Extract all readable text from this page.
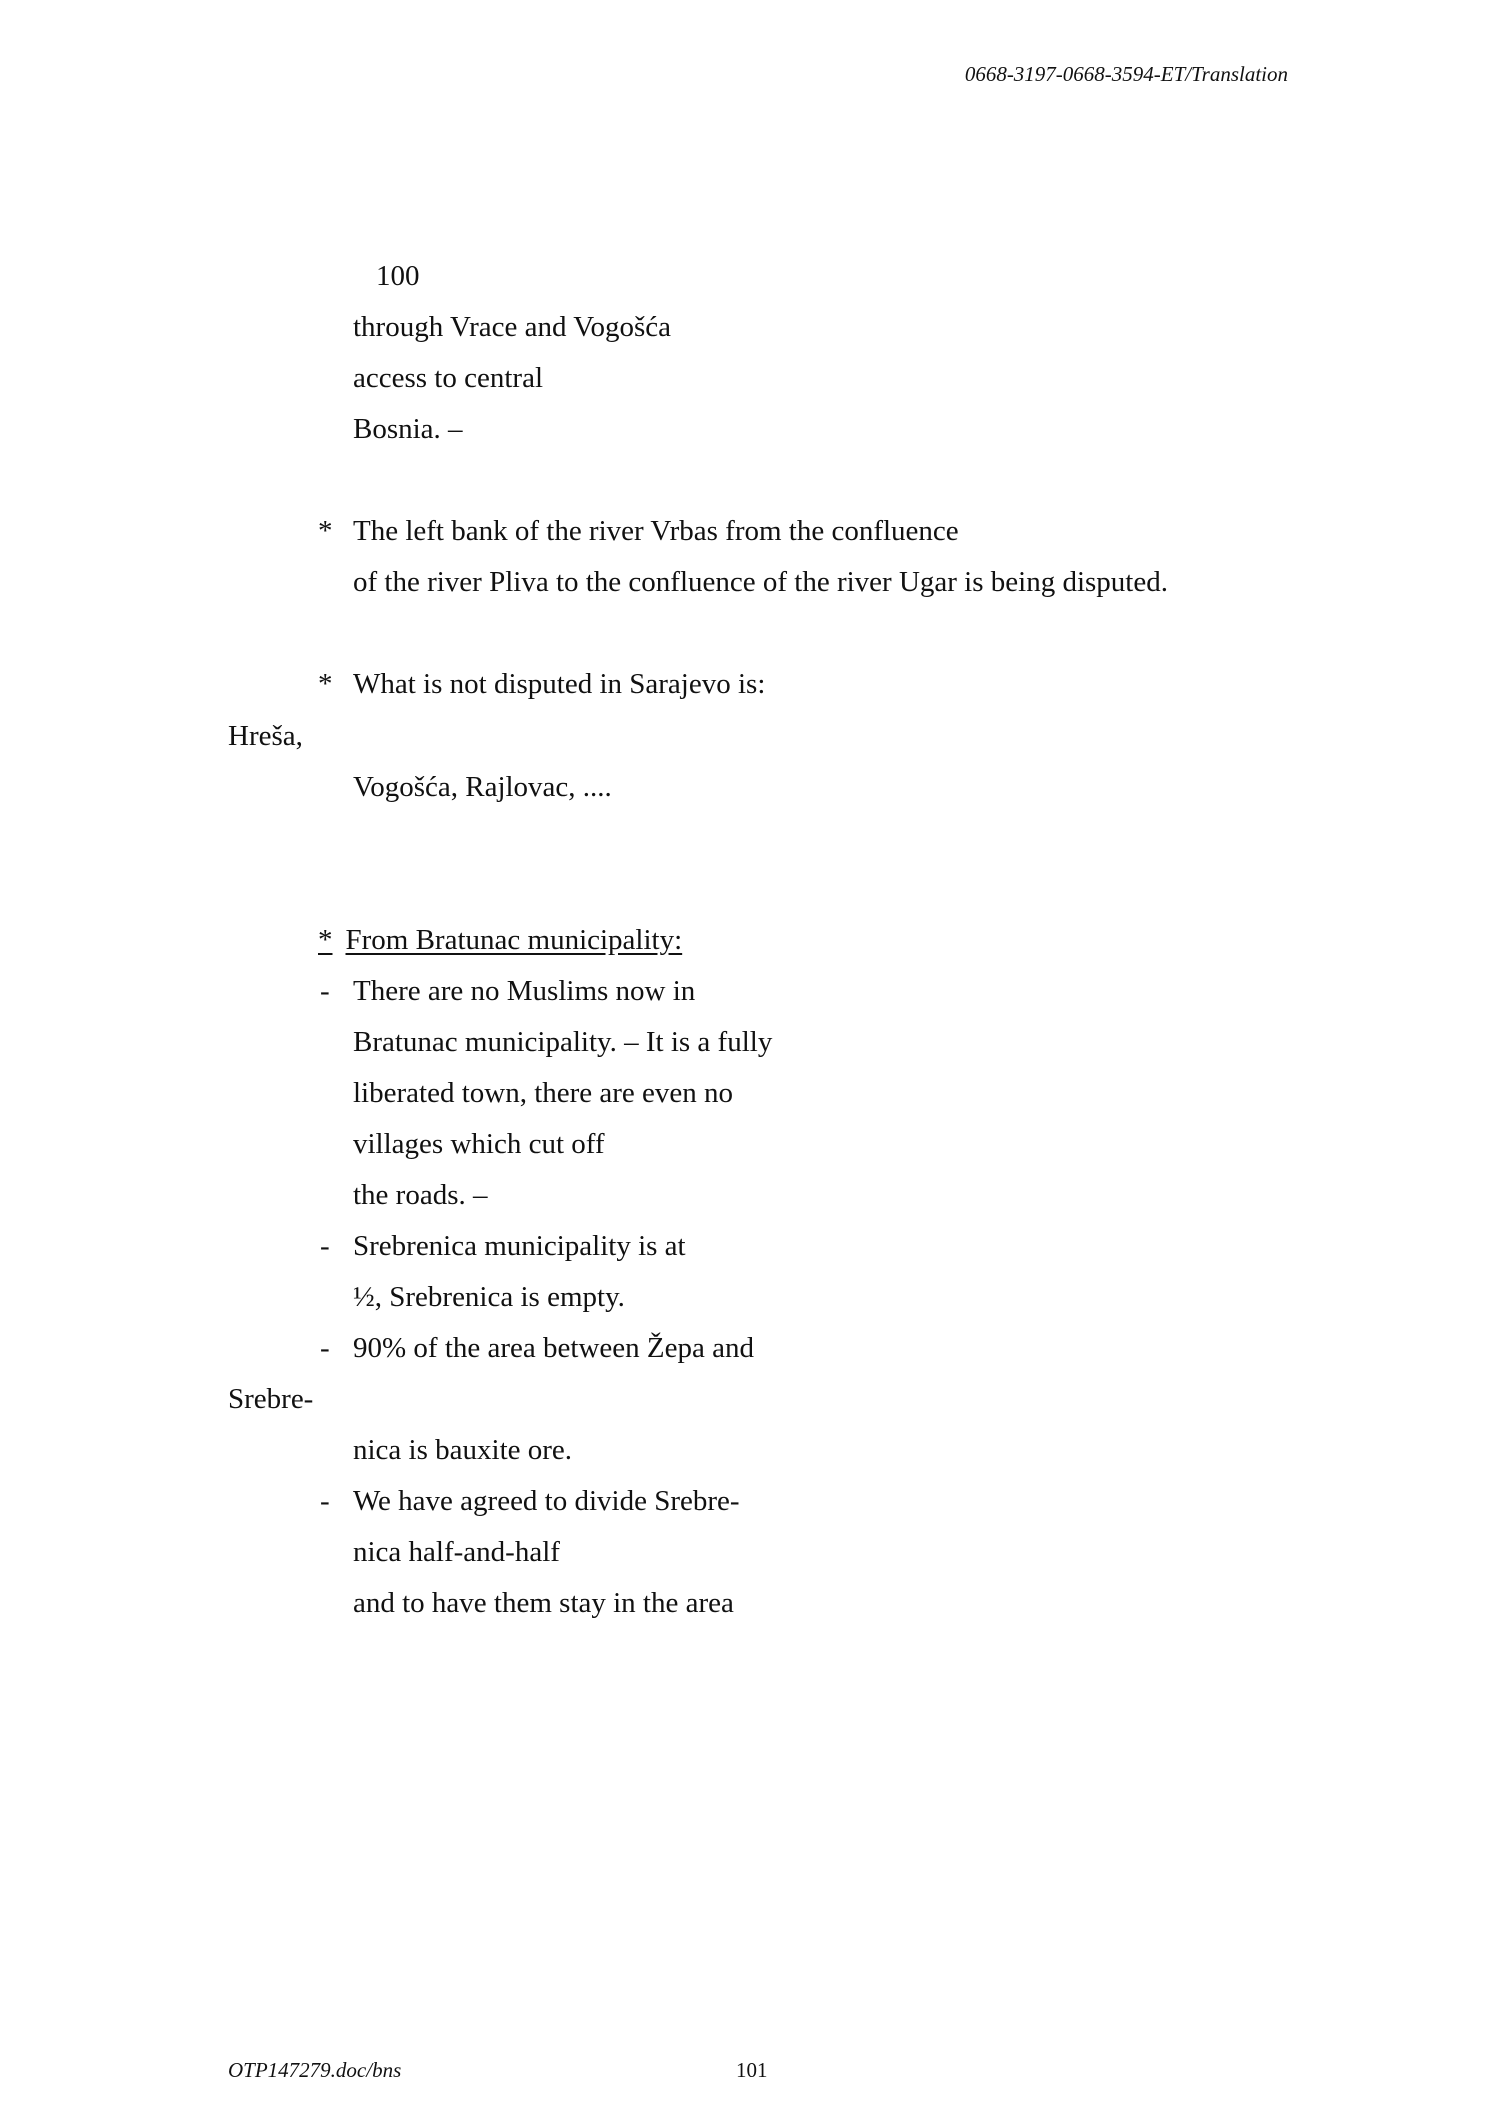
0668-3197-0668-3594-ET/Translation
100
through Vrace and Vogošća
access to central
Bosnia. –
* The left bank of the river Vrbas from the confluence
of the river Pliva to the confluence of the river Ugar is being disputed.
* What is not disputed in Sarajevo is:
Hreša,
Vogošća, Rajlovac, ....
* From Bratunac municipality:
- There are no Muslims now in
Bratunac municipality. – It is a fully
liberated town, there are even no
villages which cut off
the roads. –
- Srebrenica municipality is at
½, Srebrenica is empty.
- 90% of the area between Žepa and
Srebre-
nica is bauxite ore.
- We have agreed to divide Srebre-
nica half-and-half
and to have them stay in the area
OTP147279.doc/bns	101
